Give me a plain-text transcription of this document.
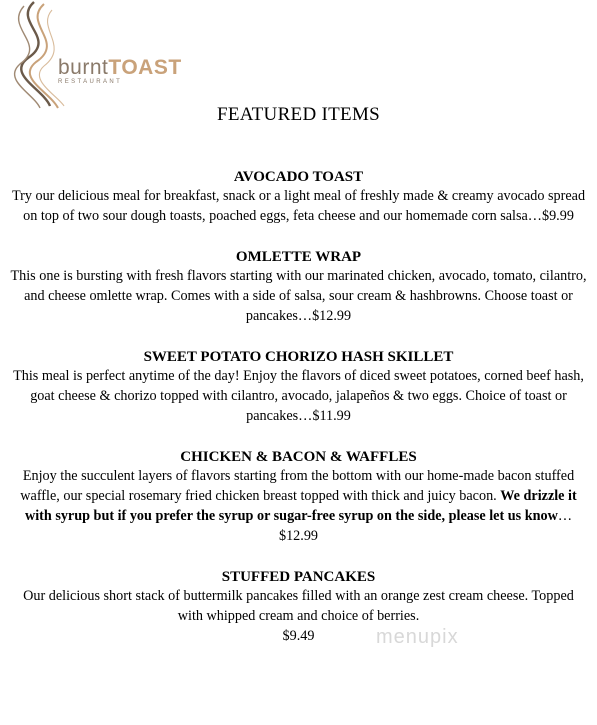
burntTOAST
RESTAURANT
FEATURED ITEMS

AVOCADO TOAST

Try our delicious meal for breakfast, snack or a light meal of freshly made & creamy avocado spread on top of two sour dough toasts, poached eggs, feta cheese and our homemade corn salsa…$9.99

OMLETTE WRAP

This one is bursting with fresh flavors starting with our marinated chicken, avocado, tomato, cilantro, and cheese omlette wrap. Comes with a side of salsa, sour cream & hashbrowns. Choose toast or pancakes…$12.99

SWEET POTATO CHORIZO HASH SKILLET

This meal is perfect anytime of the day! Enjoy the flavors of diced sweet potatoes, corned beef hash, goat cheese & chorizo topped with cilantro, avocado, jalapeños & two eggs. Choice of toast or pancakes…$11.99

CHICKEN & BACON & WAFFLES

Enjoy the succulent layers of flavors starting from the bottom with our home-made bacon stuffed waffle, our special rosemary fried chicken breast topped with thick and juicy bacon. We drizzle it with syrup but if you prefer the syrup or sugar-free syrup on the side, please let us know…$12.99

STUFFED PANCAKES

Our delicious short stack of buttermilk pancakes filled with an orange zest cream cheese. Topped with whipped cream and choice of berries.
$9.49	menupix
